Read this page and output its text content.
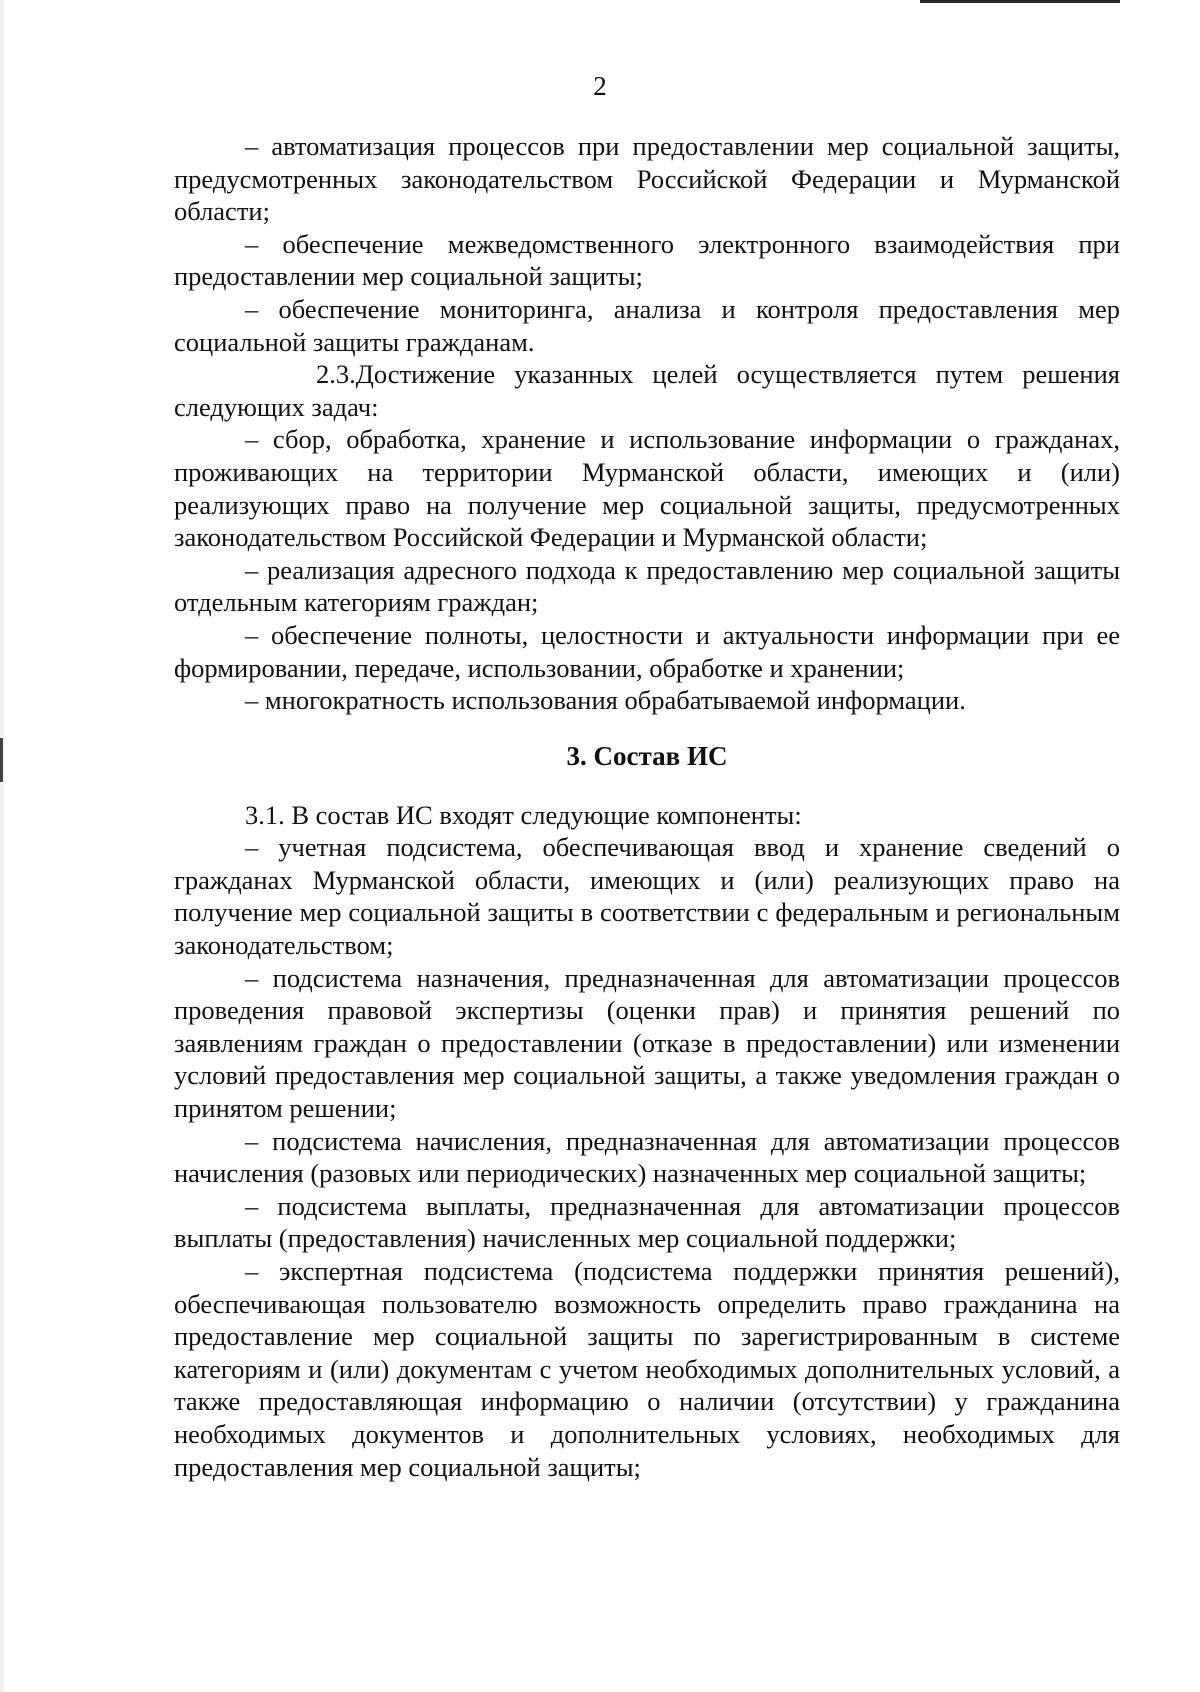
2

– автоматизация процессов при предоставлении мер социальной защиты, предусмотренных законодательством Российской Федерации и Мурманской области;

– обеспечение межведомственного электронного взаимодействия при предоставлении мер социальной защиты;

– обеспечение мониторинга, анализа и контроля предоставления мер социальной защиты гражданам.

2.3.Достижение указанных целей осуществляется путем решения следующих задач:

– сбор, обработка, хранение и использование информации о гражданах, проживающих на территории Мурманской области, имеющих и (или) реализующих право на получение мер социальной защиты, предусмотренных законодательством Российской Федерации и Мурманской области;

– реализация адресного подхода к предоставлению мер социальной защиты отдельным категориям граждан;

– обеспечение полноты, целостности и актуальности информации при ее формировании, передаче, использовании, обработке и хранении;

– многократность использования обрабатываемой информации.

3. Состав ИС

3.1. В состав ИС входят следующие компоненты:

– учетная подсистема, обеспечивающая ввод и хранение сведений о гражданах Мурманской области, имеющих и (или) реализующих право на получение мер социальной защиты в соответствии с федеральным и региональным законодательством;

– подсистема назначения, предназначенная для автоматизации процессов проведения правовой экспертизы (оценки прав) и принятия решений по заявлениям граждан о предоставлении (отказе в предоставлении) или изменении условий предоставления мер социальной защиты, а также уведомления граждан о принятом решении;

– подсистема начисления, предназначенная для автоматизации процессов начисления (разовых или периодических) назначенных мер социальной защиты;

– подсистема выплаты, предназначенная для автоматизации процессов выплаты (предоставления) начисленных мер социальной поддержки;

– экспертная подсистема (подсистема поддержки принятия решений), обеспечивающая пользователю возможность определить право гражданина на предоставление мер социальной защиты по зарегистрированным в системе категориям и (или) документам с учетом необходимых дополнительных условий, а также предоставляющая информацию о наличии (отсутствии) у гражданина необходимых документов и дополнительных условиях, необходимых для предоставления мер социальной защиты;
